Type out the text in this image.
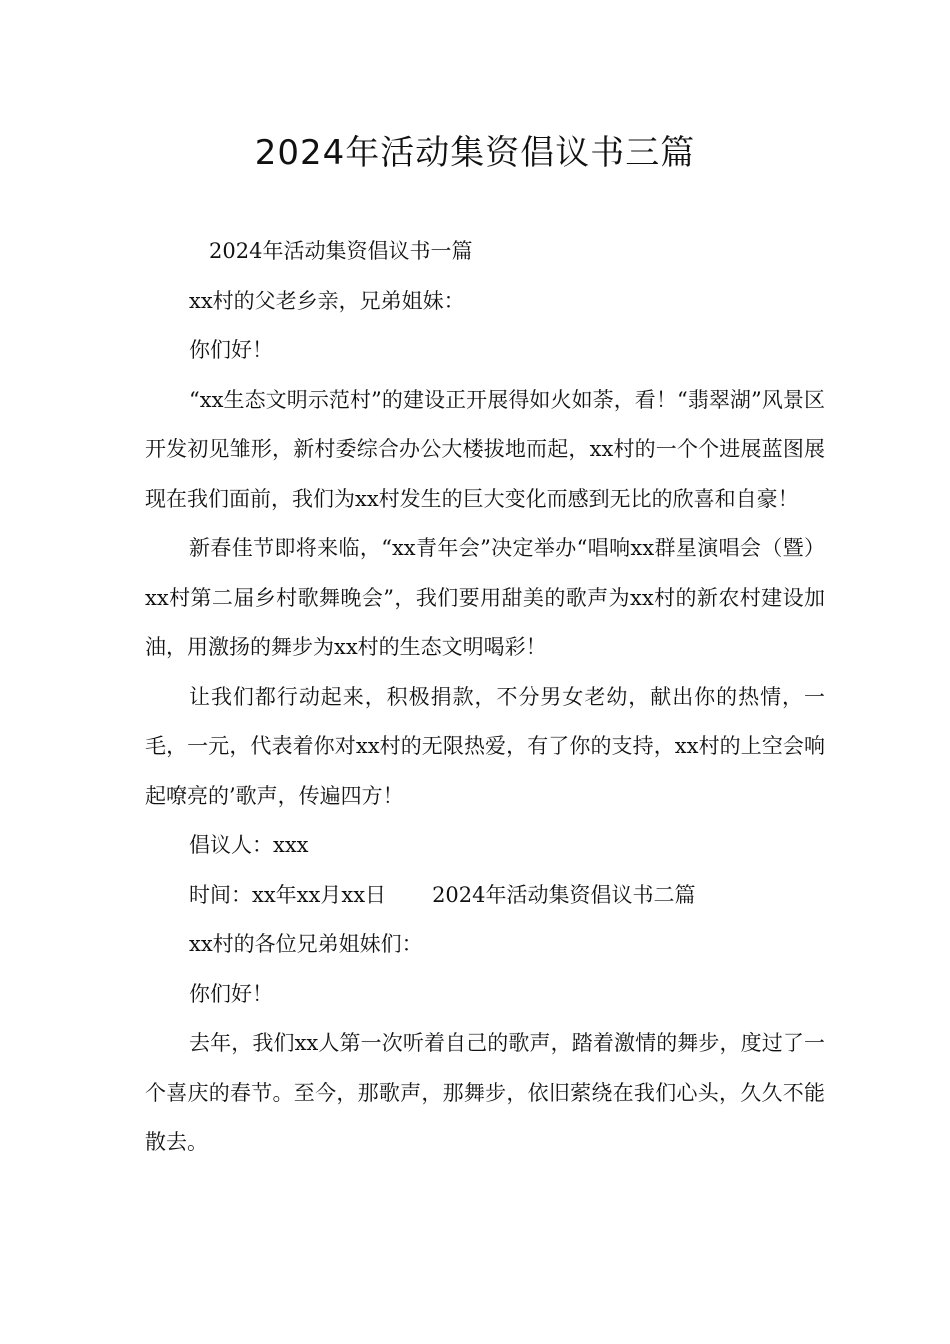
2024年活动集资倡议书三篇

2024年活动集资倡议书一篇

xx村的父老乡亲，兄弟姐妹：

你们好！

“xx生态文明示范村”的建设正开展得如火如荼，看！“翡翠湖”风景区开发初见雏形，新村委综合办公大楼拔地而起，xx村的一个个进展蓝图展现在我们面前，我们为xx村发生的巨大变化而感到无比的欣喜和自豪！

新春佳节即将来临，“xx青年会”决定举办“唱响xx群星演唱会（暨）xx村第二届乡村歌舞晚会”，我们要用甜美的歌声为xx村的新农村建设加油，用激扬的舞步为xx村的生态文明喝彩！

让我们都行动起来，积极捐款，不分男女老幼，献出你的热情，一毛，一元，代表着你对xx村的无限热爱，有了你的支持，xx村的上空会响起嘹亮的’歌声，传遍四方！

倡议人：xxx

时间：xx年xx月xx日 2024年活动集资倡议书二篇

xx村的各位兄弟姐妹们：

你们好！

去年，我们xx人第一次听着自己的歌声，踏着激情的舞步，度过了一个喜庆的春节。至今，那歌声，那舞步，依旧萦绕在我们心头，久久不能散去。
